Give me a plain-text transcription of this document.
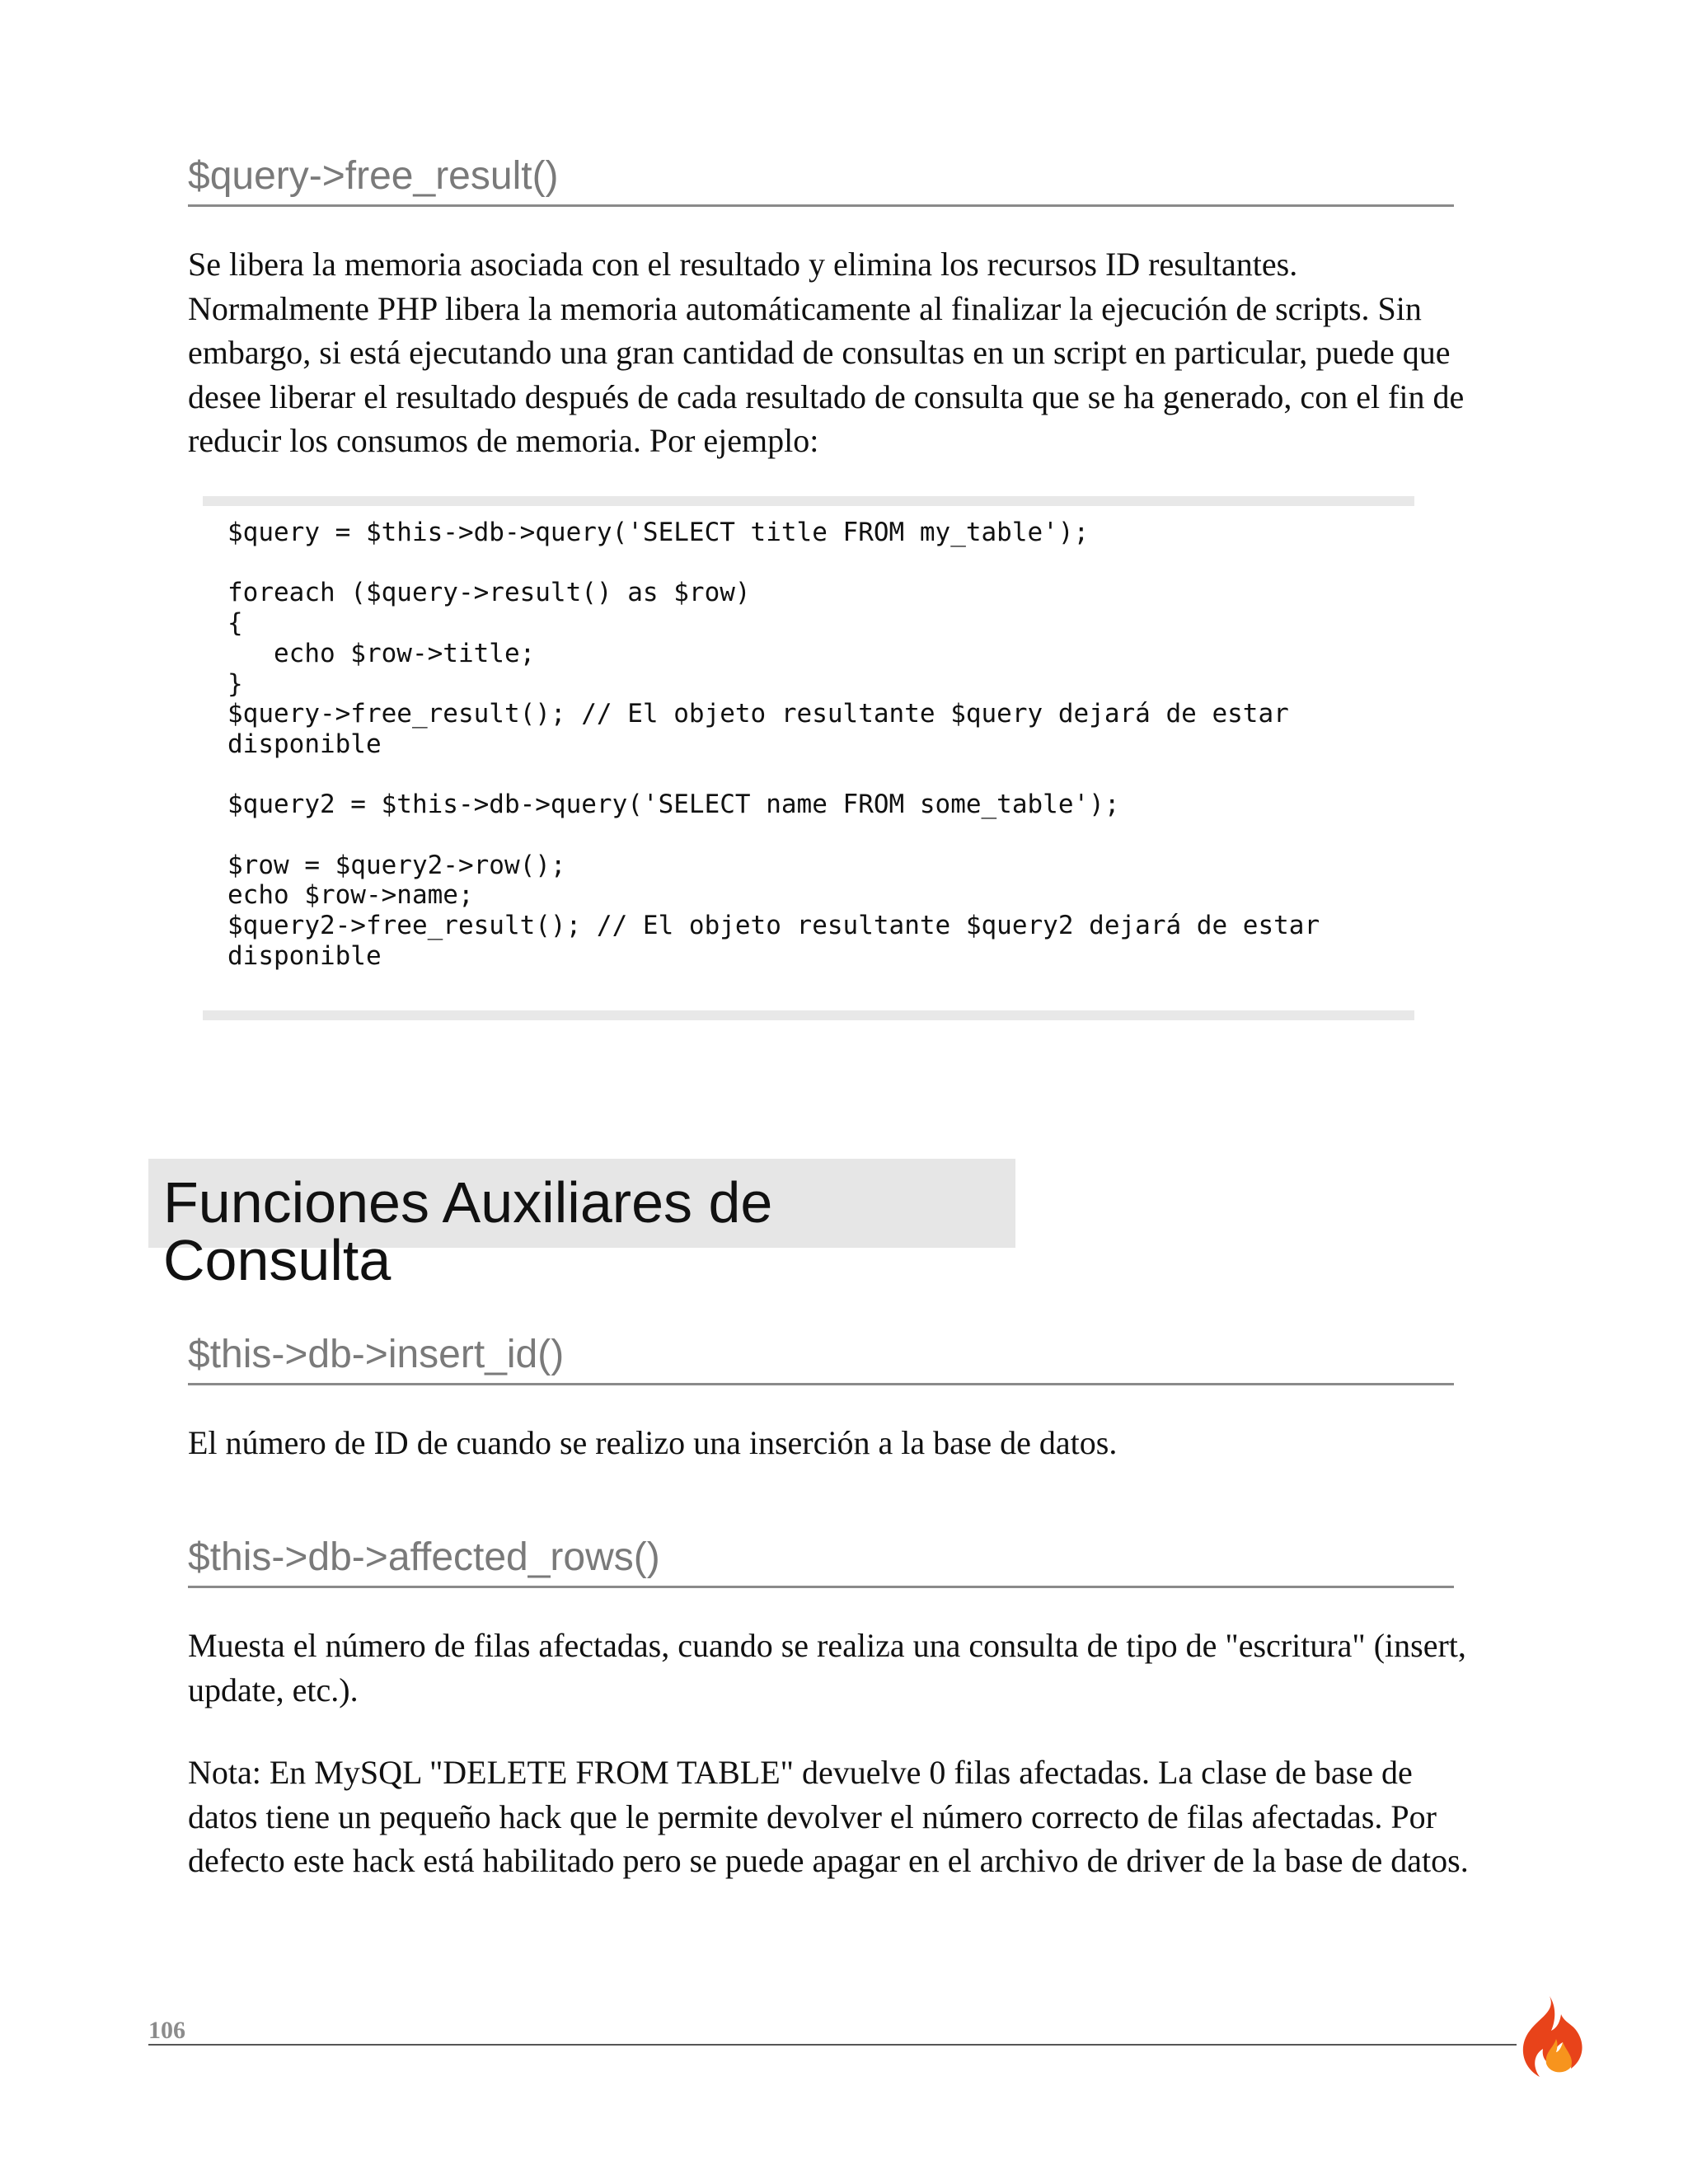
$query->free_result()

Se libera la memoria asociada con el resultado y elimina los recursos ID resultantes. Normalmente PHP libera la memoria automáticamente al finalizar la ejecución de scripts. Sin embargo, si está ejecutando una gran cantidad de consultas en un script en particular, puede que desee liberar el resultado después de cada resultado de consulta que se ha generado, con el fin de reducir los consumos de memoria. Por ejemplo:

$query = $this->db->query('SELECT title FROM my_table');

foreach ($query->result() as $row)
{
echo $row->title;
}
$query->free_result(); // El objeto resultante $query dejará de estar
disponible

$query2 = $this->db->query('SELECT name FROM some_table');

$row = $query2->row();
echo $row->name;
$query2->free_result(); // El objeto resultante $query2 dejará de estar
disponible
Funciones Auxiliares de Consulta
$this->db->insert_id()

El número de ID de cuando se realizo una inserción a la base de datos.

$this->db->affected_rows()

Muesta el número de filas afectadas, cuando se realiza una consulta de tipo de "escritura" (insert, update, etc.).

Nota: En MySQL "DELETE FROM TABLE" devuelve 0 filas afectadas. La clase de base de datos tiene un pequeño hack que le permite devolver el número correcto de filas afectadas. Por defecto este hack está habilitado pero se puede apagar en el archivo de driver de la base de datos.

106
